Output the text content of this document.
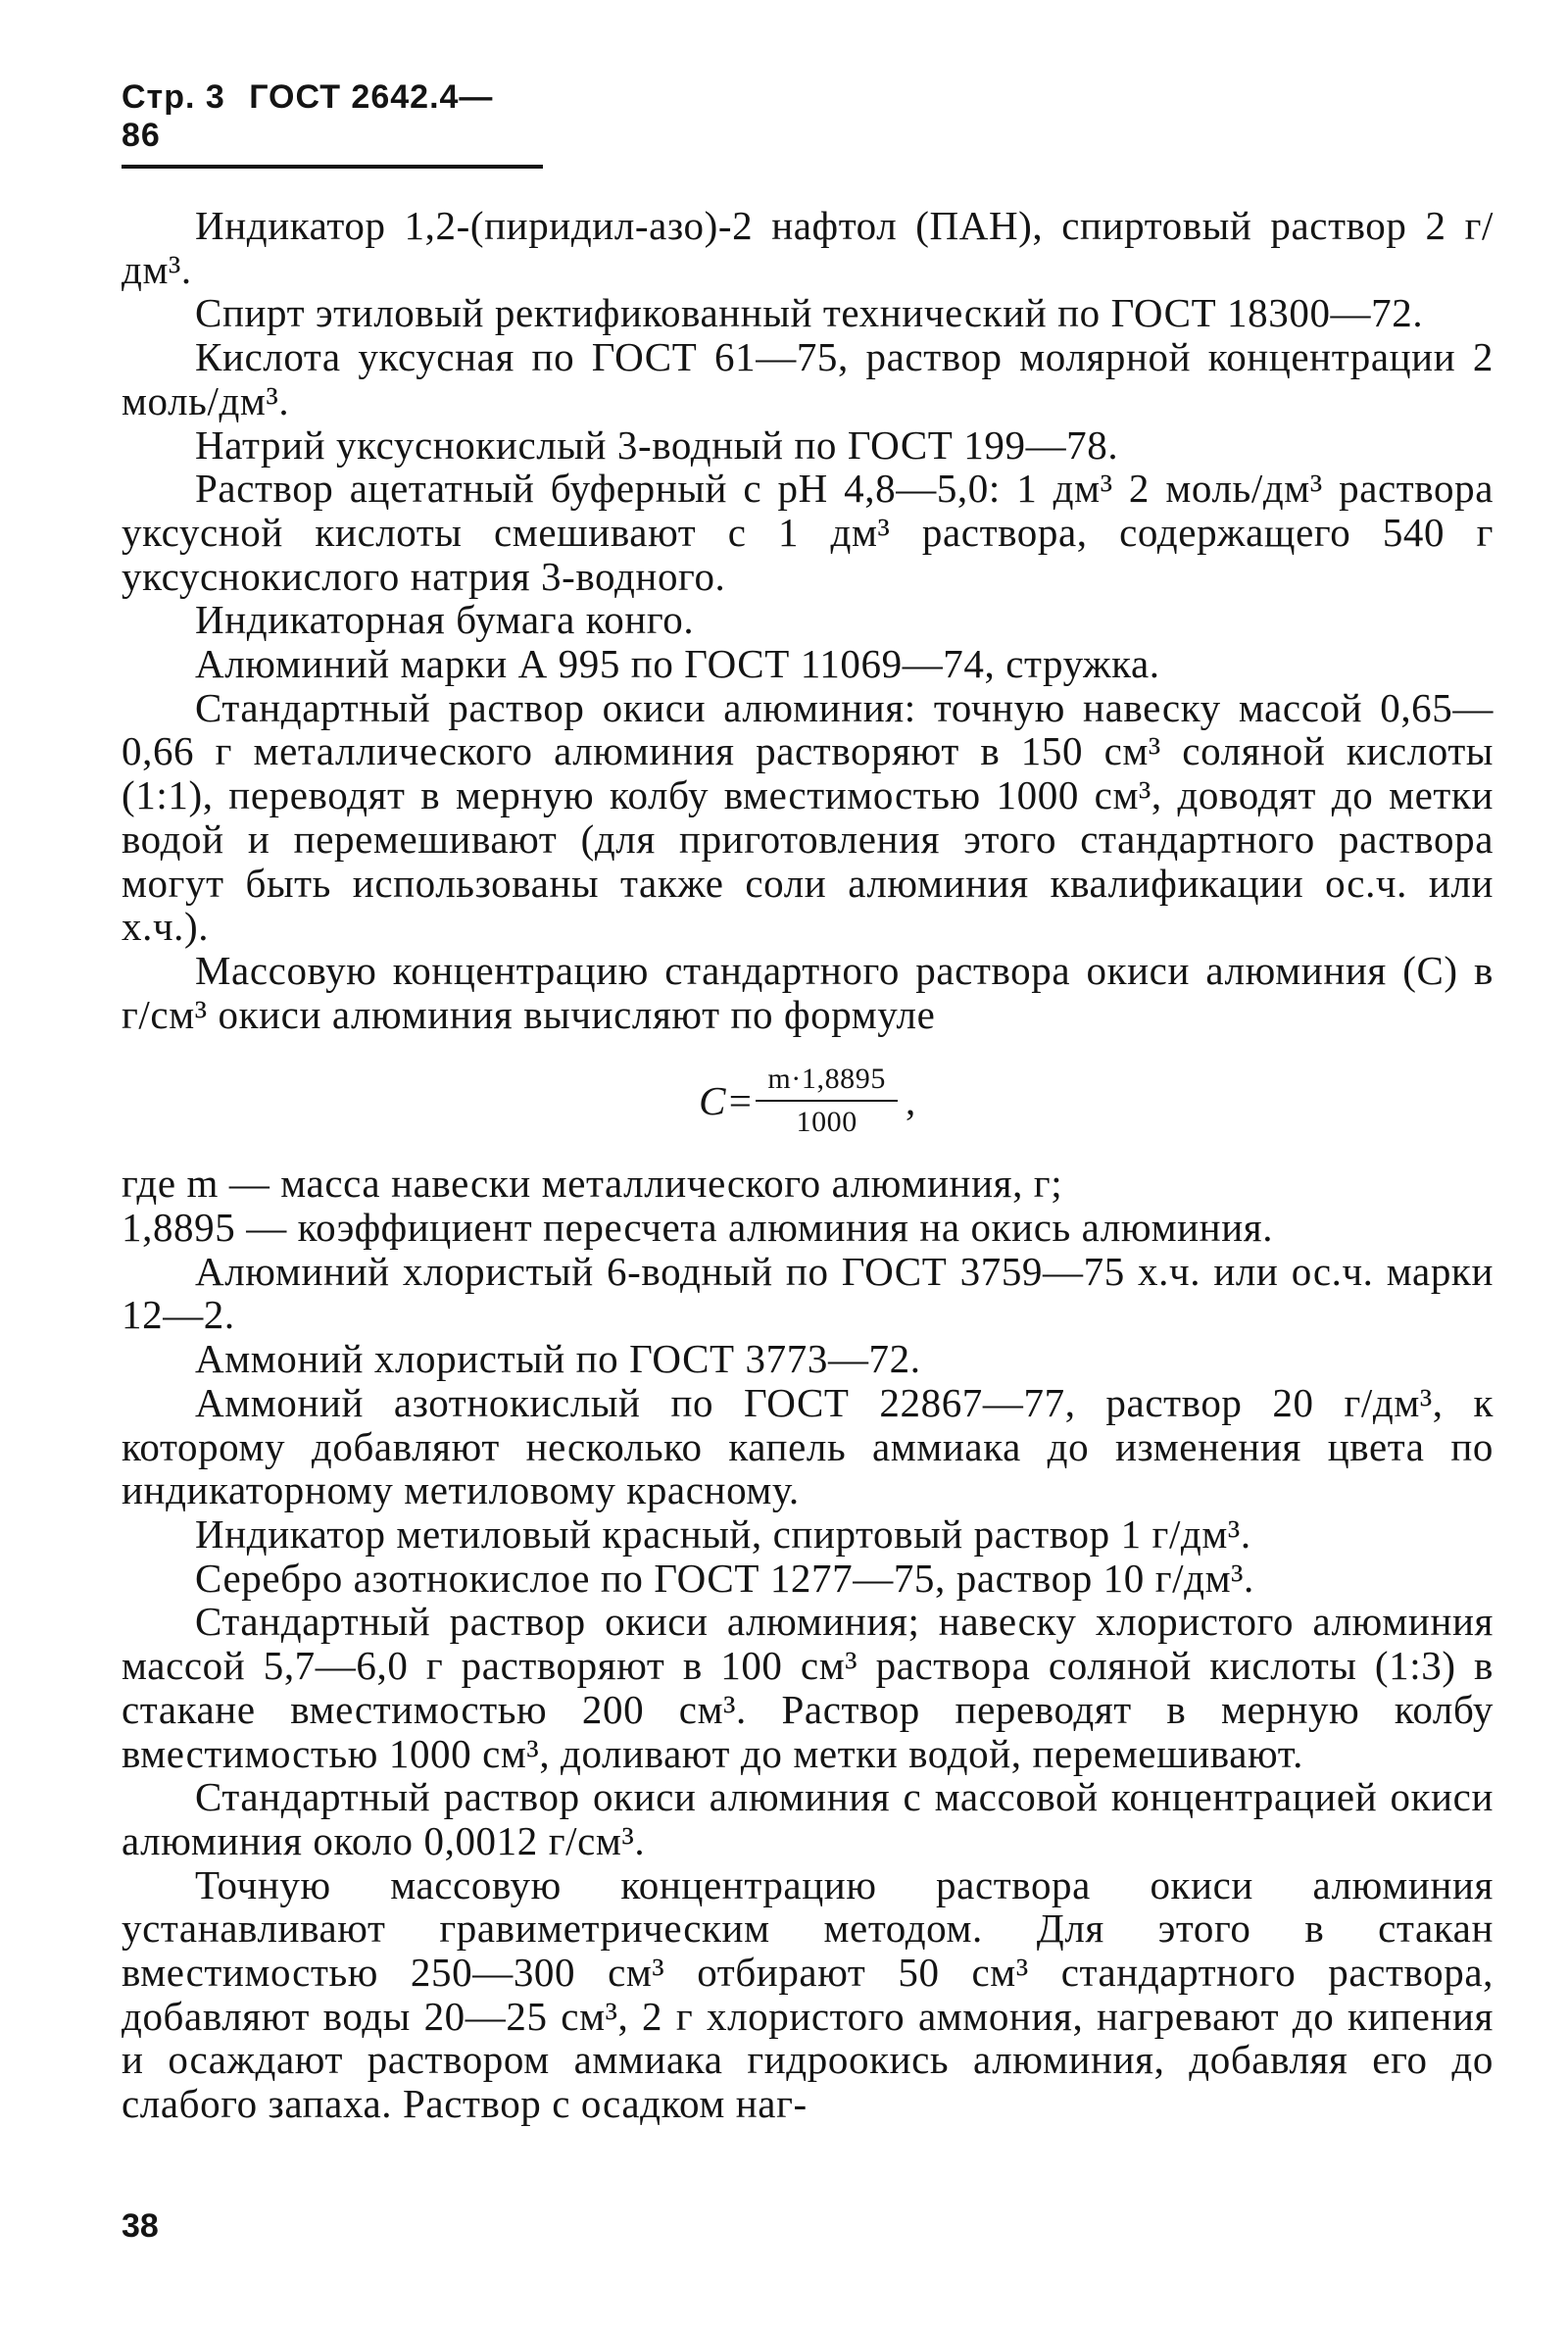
Стр. 3 ГОСТ 2642.4—86

Индикатор 1,2-(пиридил-азо)-2 нафтол (ПАН), спиртовый раствор 2 г/дм³.

Спирт этиловый ректификованный технический по ГОСТ 18300—72.

Кислота уксусная по ГОСТ 61—75, раствор молярной концентрации 2 моль/дм³.

Натрий уксуснокислый 3-водный по ГОСТ 199—78.

Раствор ацетатный буферный с pH 4,8—5,0: 1 дм³ 2 моль/дм³ раствора уксусной кислоты смешивают с 1 дм³ раствора, содержащего 540 г уксуснокислого натрия 3-водного.

Индикаторная бумага конго.

Алюминий марки А 995 по ГОСТ 11069—74, стружка.

Стандартный раствор окиси алюминия: точную навеску массой 0,65—0,66 г металлического алюминия растворяют в 150 см³ соляной кислоты (1:1), переводят в мерную колбу вместимостью 1000 см³, доводят до метки водой и перемешивают (для приготовления этого стандартного раствора могут быть использованы также соли алюминия квалификации ос.ч. или х.ч.).

Массовую концентрацию стандартного раствора окиси алюминия (C) в г/см³ окиси алюминия вычисляют по формуле

$C= \frac{m\cdot 1,8895}{1000}$ ,

где m — масса навески металлического алюминия, г;

1,8895 — коэффициент пересчета алюминия на окись алюминия.

Алюминий хлористый 6-водный по ГОСТ 3759—75 х.ч. или ос.ч. марки 12—2.

Аммоний хлористый по ГОСТ 3773—72.

Аммоний азотнокислый по ГОСТ 22867—77, раствор 20 г/дм³, к которому добавляют несколько капель аммиака до изменения цвета по индикаторному метиловому красному.

Индикатор метиловый красный, спиртовый раствор 1 г/дм³.

Серебро азотнокислое по ГОСТ 1277—75, раствор 10 г/дм³.

Стандартный раствор окиси алюминия; навеску хлористого алюминия массой 5,7—6,0 г растворяют в 100 см³ раствора соляной кислоты (1:3) в стакане вместимостью 200 см³. Раствор переводят в мерную колбу вместимостью 1000 см³, доливают до метки водой, перемешивают.

Стандартный раствор окиси алюминия с массовой концентрацией окиси алюминия около 0,0012 г/см³.

Точную массовую концентрацию раствора окиси алюминия устанавливают гравиметрическим методом. Для этого в стакан вместимостью 250—300 см³ отбирают 50 см³ стандартного раствора, добавляют воды 20—25 см³, 2 г хлористого аммония, нагревают до кипения и осаждают раствором аммиака гидроокись алюминия, добавляя его до слабого запаха. Раствор с осадком наг-

38
